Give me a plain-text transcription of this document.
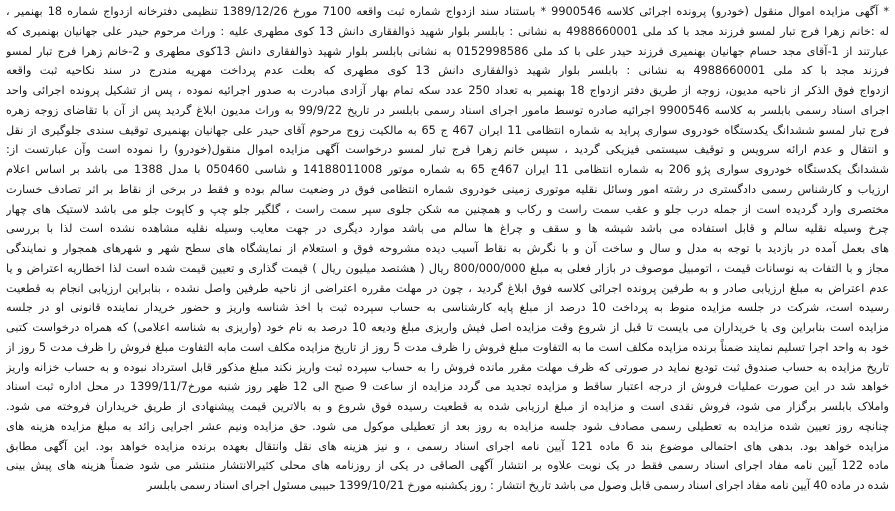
* آگهی مزایده اموال منقول (خودرو) پرونده اجرائی کلاسه 9900546 * باستناد سند ازدواج شماره ثبت واقعه 7100 مورخ 1389/12/26 تنظیمی دفترخانه ازدواج شماره 18 بهنمیر ،
له :خانم زهرا فرج تبار لمسو فرزند مجد با کد ملی 4988660001 به نشانی : بابلسر بلوار شهید ذوالفقاری دانش 13 کوی مطهری علیه : وراث مرحوم حیدر علی جهانیان بهنمیری که
عبارتند از 1-آقای مجد حسام جهانیان بهنمیری فرزند حیدر علی با کد ملی 0152998586 به نشانی بابلسر بلوار شهید ذوالفقاری دانش 13کوی مطهری و 2-خانم زهرا فرج تبار لمسو
فرزند مجد با کد ملی 4988660001 به نشانی : بابلسر بلوار شهید ذوالفقاری دانش 13 کوی مطهری که بعلت عدم پرداخت مهریه مندرج در سند نکاحیه ثبت واقعه
ازدواج فوق الذکر از ناحیه مدیون، زوجه از طریق دفتر ازدواج 18 بهنمیر به تعداد 250 عدد سکه تمام بهار آزادی مبادرت به صدور اجرائیه نموده ، پس از تشکیل پرونده اجرائی واحد
اجرای اسناد رسمی بابلسر به کلاسه 9900546 اجرائیه صادره توسط مامور اجرای اسناد رسمی بابلسر در تاریخ 99/9/22 به وراث مدیون ابلاغ گردید پس از آن با تقاضای زوجه زهره
فرج تبار لمسو ششدانگ یکدستگاه خودروی سواری پراید به شماره انتظامی 11 ایران 467 ج 65 به مالکیت زوج مرحوم آقای حیدر علی جهانیان بهنمیری توقیف سندی جلوگیری از نقل
و انتقال و عدم ارائه سرویس و توقیف سیستمی فیزیکی گردید ، سپس خانم زهرا فرج تبار لمسو درخواست آگهی مزایده اموال منقول(خودرو) را نموده است وآن عبارتست از:
ششدانگ یکدستگاه خودروی سواری پژو 206 به شماره انتظامی 11 ایران 467ج 65 به شماره موتور 14188011008 و شاسی 050460 با مدل 1388 می باشد بر اساس اعلام
ارزیاب و کارشناس رسمی دادگستری در رشته امور وسائل نقلیه موتوری زمینی خودروی شماره انتظامی فوق در وضعیت سالم بوده و فقط در برخی از نقاط بر اثر تصادف خسارت
مختصری وارد گردیده است از جمله درب جلو و عقب سمت راست و رکاب و همچنین مه شکن جلوی سپر سمت راست ، گلگیر جلو چپ و کاپوت جلو می باشد لاستیک های چهار
چرخ وسیله نقلیه سالم و قابل استفاده می باشد شیشه ها و سقف و چراغ ها سالم می باشد موارد دیگری در جهت معایب وسیله نقلیه مشاهده نشده است لذا با بررسی
های بعمل آمده در بازدید با توجه به مدل و سال و ساخت آن و با نگرش به نقاط آسیب دیده مشروحه فوق و استعلام از نمایشگاه های سطح شهر و شهرهای همجوار و نمایندگی
مجاز و با التفات به نوسانات قیمت ، اتومبیل موصوف در بازار فعلی به مبلغ 800/000/000 ریال ( هشتصد میلیون ریال ) قیمت گذاری و تعیین قیمت شده است لذا اخطاریه اعتراض و یا
عدم اعتراض به مبلغ ارزیابی صادر و به طرفین پرونده اجرائی کلاسه فوق ابلاغ گردید ، چون در مهلت مقرره اعتراضی از ناحیه طرفین واصل نشده ، بنابراین ارزیابی انجام به قطعیت
رسیده است، شرکت در جلسه مزایده منوط به پرداخت 10 درصد از مبلغ پایه کارشناسی به حساب سپرده ثبت با اخذ شناسه واریز و حضور خریدار نماینده قانونی او در جلسه
مزایده است بنابراین وی یا خریداران می بایست تا قبل از شروع وقت مزایده اصل فیش واریزی مبلغ ودیعه 10 درصد به نام خود (واریزی به شناسه اعلامی) که همراه درخواست کتبی
خود به واحد اجرا تسلیم نمایند ضمناً برنده مزایده مکلف است ما به التفاوت مبلغ فروش را ظرف مدت 5 روز از تاریخ مزایده مکلف است مابه التفاوت مبلغ فروش را ظرف مدت 5 روز از
تاریخ مزایده به حساب صندوق ثبت تودیع نماید در صورتی که ظرف مهلت مقرر مانده فروش را به حساب سپرده ثبت واریز نکند مبلغ مذکور قابل استرداد نبوده و به حساب خزانه واریز
خواهد شد در این صورت عملیات فروش از درجه اعتبار ساقط و مزایده تجدید می گردد مزایده از ساعت 9 صبح الی 12 ظهر روز شنبه مورخ1399/11/7 در محل اداره ثبت اسناد
واملاک بابلسر برگزار می شود، فروش نقدی است و مزایده از مبلغ ارزیابی شده به قطعیت رسیده فوق شروع و به بالاترین قیمت پیشنهادی از طریق خریداران فروخته می شود.
چنانچه روز تعیین شده مزایده به تعطیلی رسمی مصادف شود جلسه مزایده به روز بعد از تعطیلی موکول می شود. حق مزایده ونیم عشر اجرایی زائد به مبلغ مزایده هزینه های
مزایده خواهد بود. بدهی های احتمالی موضوع بند 6 ماده 121 آیین نامه اجرای اسناد رسمی ، و نیز هزینه های نقل وانتقال بعهده برنده مزایده خواهد بود. این آگهی مطابق
ماده 122 آیین نامه مفاد اجرای اسناد رسمی فقط در یک نوبت علاوه بر انتشار آگهی الصاقی در یکی از روزنامه های محلی کثیرالانتشار منتشر می شود ضمناً هزینه های پیش بینی
شده در ماده 40 آیین نامه مفاد اجرای اسناد رسمی قابل وصول می باشد تاریخ انتشار : روز یکشنبه مورخ 1399/10/21 حبیبی مسئول اجرای اسناد رسمی بابلسر
